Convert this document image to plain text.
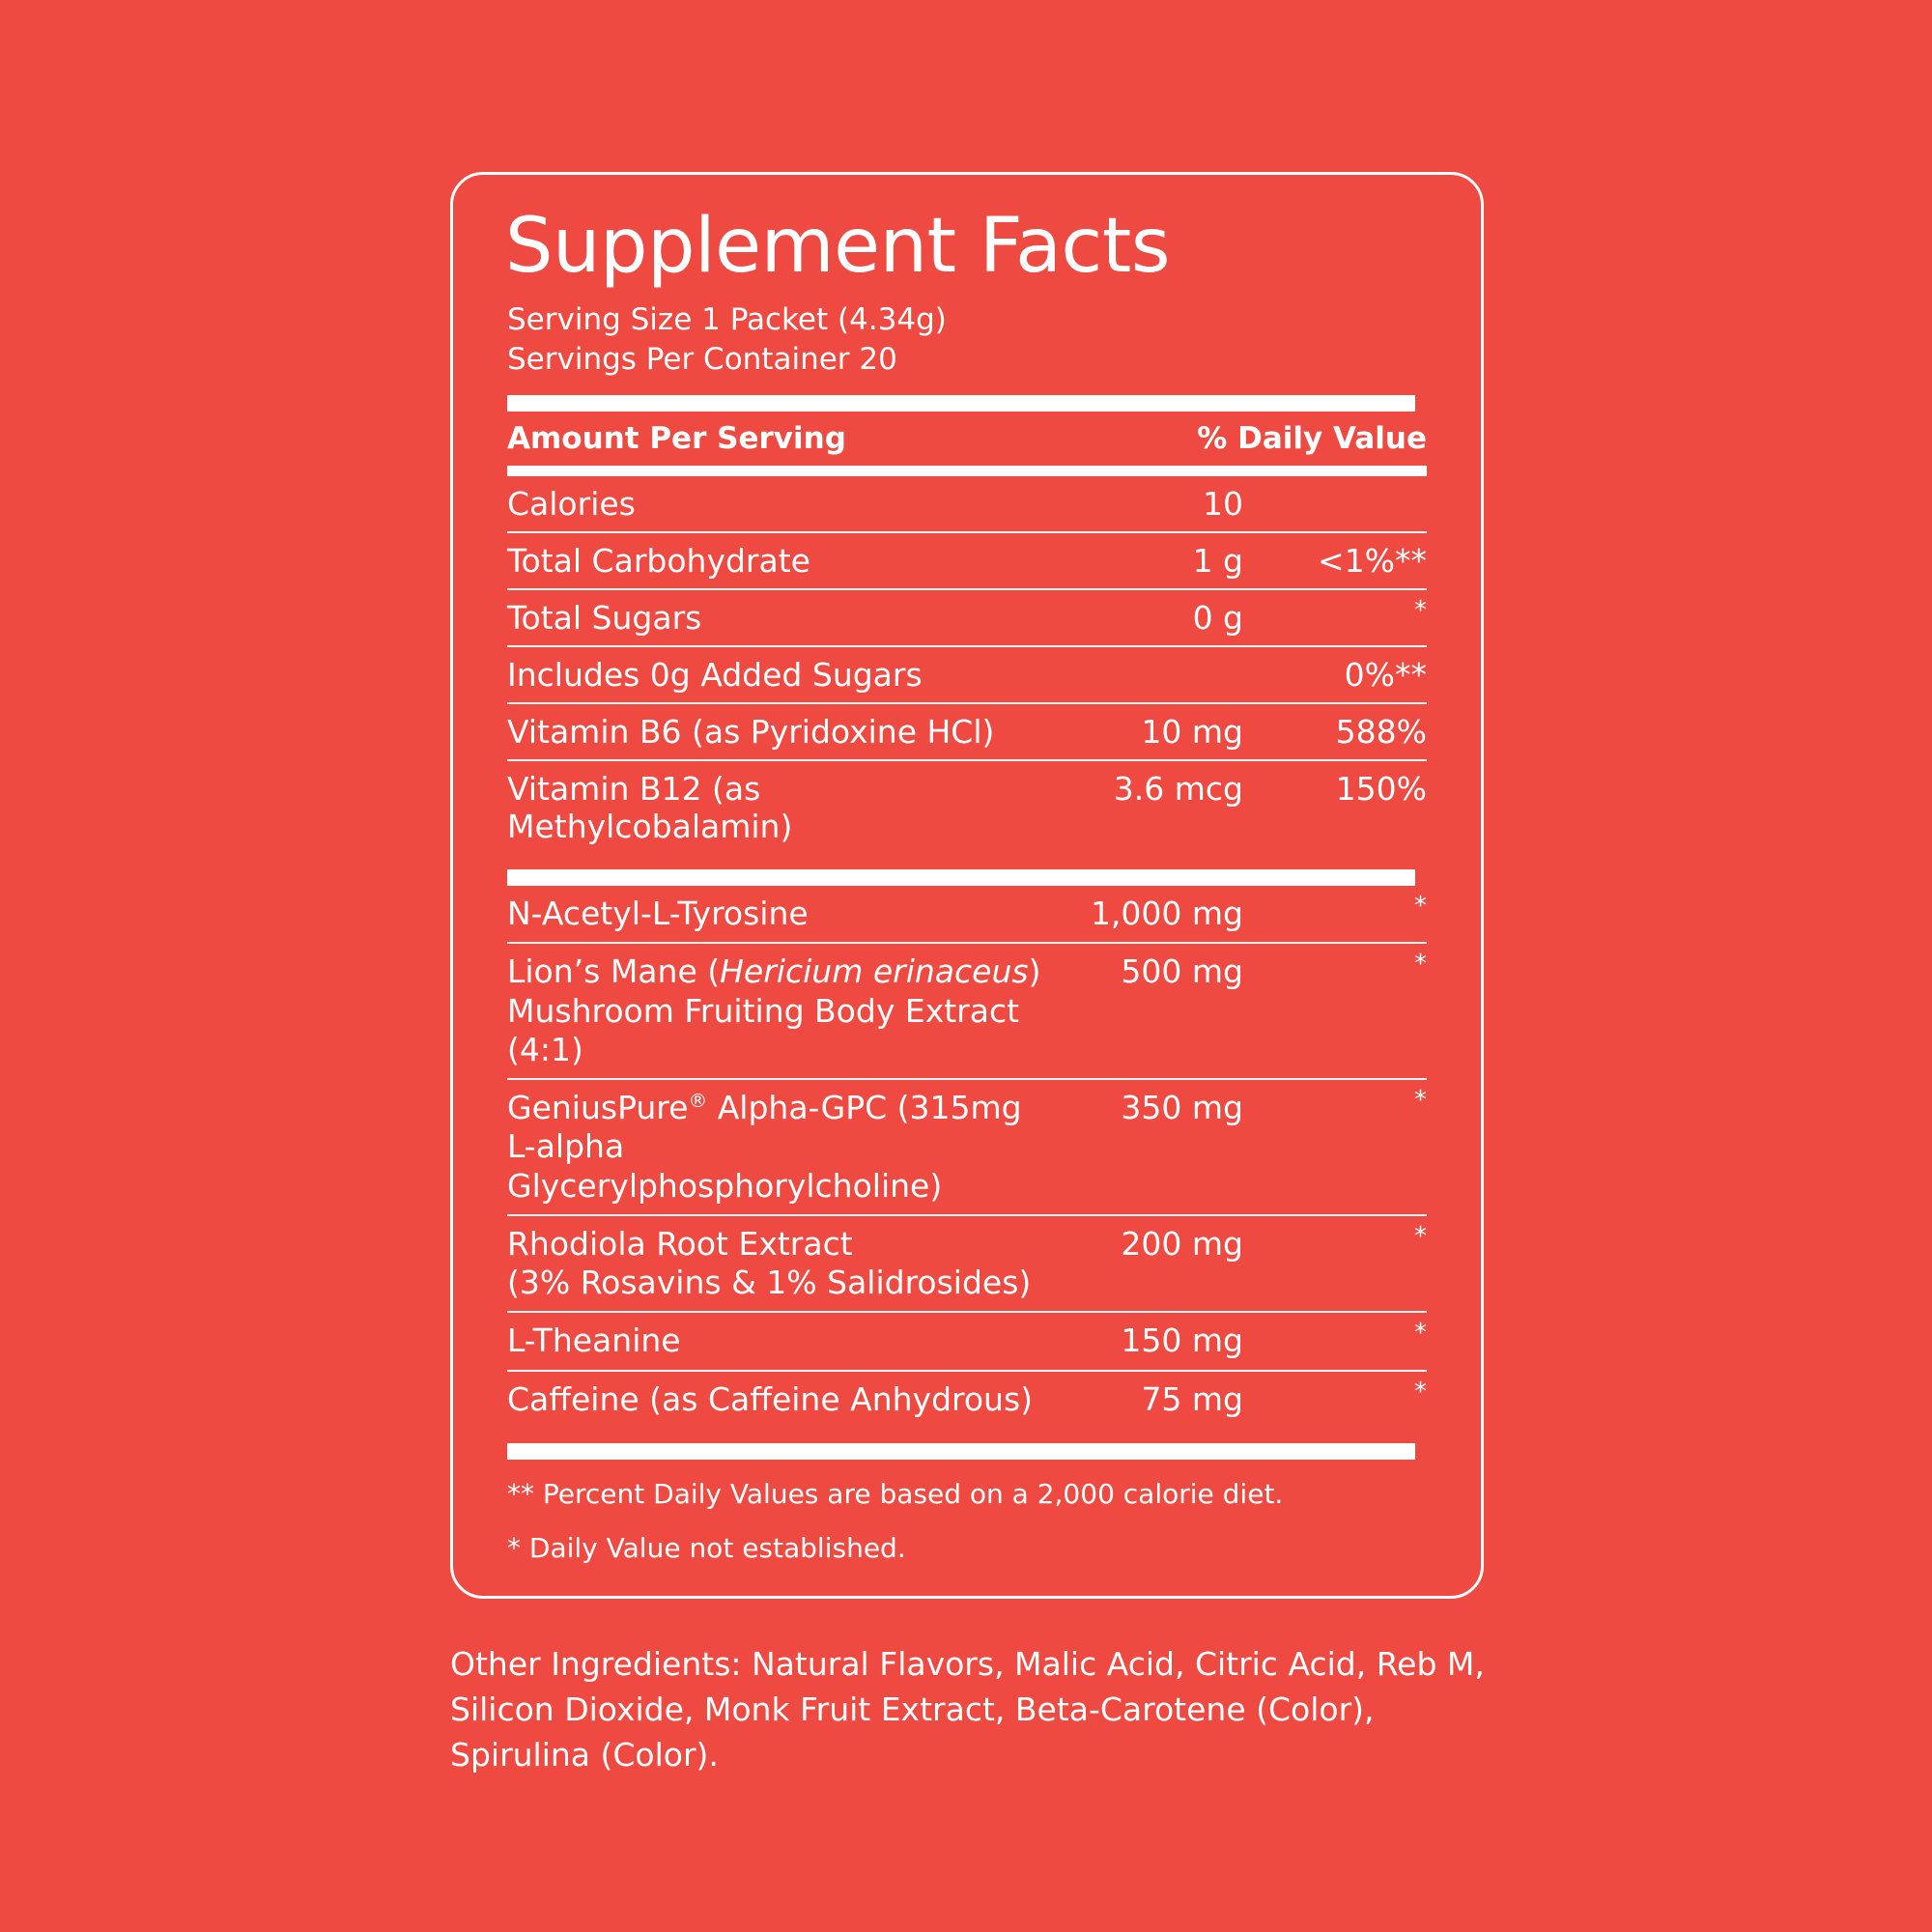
Supplement Facts
Serving Size 1 Packet (4.34g)
Servings Per Container 20
Amount Per Serving	% Daily Value
Calories	10	
Total Carbohydrate	1 g	<1%**
Total Sugars	0 g	*
Includes 0g Added Sugars		0%**
Vitamin B6 (as Pyridoxine HCl)	10 mg	588%
Vitamin B12 (as Methylcobalamin)	3.6 mcg	150%
N-Acetyl-L-Tyrosine	1,000 mg	*

Lion’s Mane (Hericium erinaceus)
Mushroom Fruiting Body Extract (4:1)	500 mg	*

GeniusPure® Alpha-GPC (315mg
L-alpha Glycerylphosphorylcholine)	350 mg	*

Rhodiola Root Extract
(3% Rosavins & 1% Salidrosides)	200 mg	*

L-Theanine	150 mg	*

Caffeine (as Caffeine Anhydrous)	75 mg	*
** Percent Daily Values are based on a 2,000 calorie diet.
* Daily Value not established.
Other Ingredients: Natural Flavors, Malic Acid, Citric Acid, Reb M, Silicon Dioxide, Monk Fruit Extract, Beta-Carotene (Color), Spirulina (Color).
